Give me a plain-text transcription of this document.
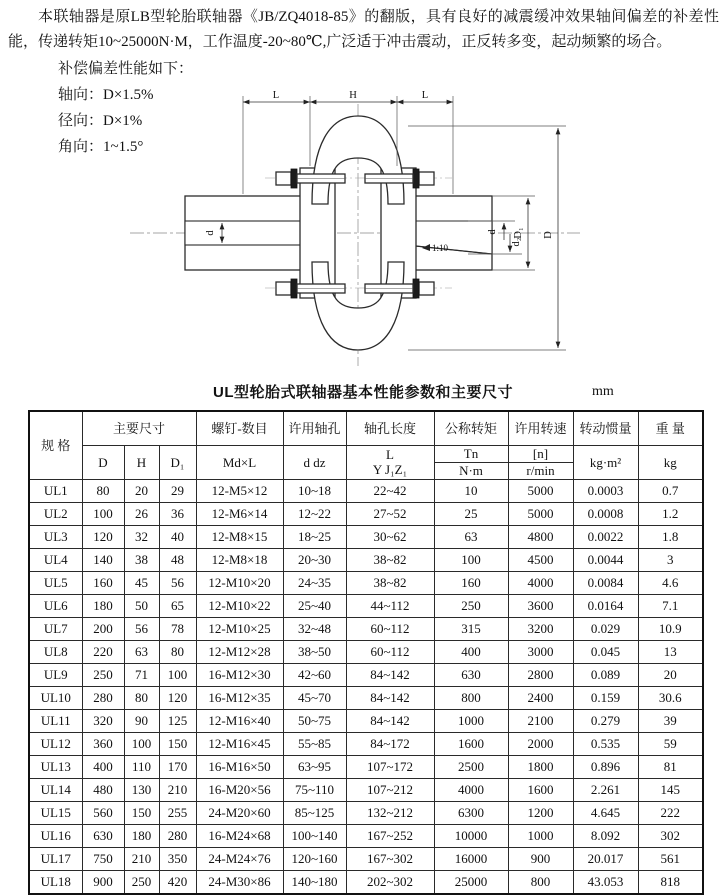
本联轴器是原LB型轮胎联轴器《JB/ZQ4018-85》的翻版，具有良好的减震缓冲效果轴间偏差的补差性能，传递转矩10~25000N·M，工作温度-20~80℃,广泛适于冲击震动，正反转多变，起动频繁的场合。
补偿偏差性能如下：
轴向：D×1.5%
径向：D×1%
角向：1~1.5°
L	H	L
d	d
d₂
D₁ D
1:10
UL型轮胎式联轴器基本性能参数和主要尺寸	mm
规 格	主要尺寸			螺钉-数目	许用轴孔	轴孔长度	公称转矩	许用转速	转动惯量	重 量
	D	H	D₁	Md×L	d dz	L
Y J₁Z₁	Tn	[n]	kg·m²	kg
							N·m	r/min		
UL1	80	20	29	12-M5×12	10~18	22~42	10	5000	0.0003	0.7
UL2	100	26	36	12-M6×14	12~22	27~52	25	5000	0.0008	1.2
UL3	120	32	40	12-M8×15	18~25	30~62	63	4800	0.0022	1.8
UL4	140	38	48	12-M8×18	20~30	38~82	100	4500	0.0044	3
UL5	160	45	56	12-M10×20	24~35	38~82	160	4000	0.0084	4.6
UL6	180	50	65	12-M10×22	25~40	44~112	250	3600	0.0164	7.1
UL7	200	56	78	12-M10×25	32~48	60~112	315	3200	0.029	10.9
UL8	220	63	80	12-M12×28	38~50	60~112	400	3000	0.045	13
UL9	250	71	100	16-M12×30	42~60	84~142	630	2800	0.089	20
UL10	280	80	120	16-M12×35	45~70	84~142	800	2400	0.159	30.6
UL11	320	90	125	12-M16×40	50~75	84~142	1000	2100	0.279	39
UL12	360	100	150	12-M16×45	55~85	84~172	1600	2000	0.535	59
UL13	400	110	170	16-M16×50	63~95	107~172	2500	1800	0.896	81
UL14	480	130	210	16-M20×56	75~110	107~212	4000	1600	2.261	145
UL15	560	150	255	24-M20×60	85~125	132~212	6300	1200	4.645	222
UL16	630	180	280	16-M24×68	100~140	167~252	10000	1000	8.092	302
UL17	750	210	350	24-M24×76	120~160	167~302	16000	900	20.017	561
UL18	900	250	420	24-M30×86	140~180	202~302	25000	800	43.053	818
